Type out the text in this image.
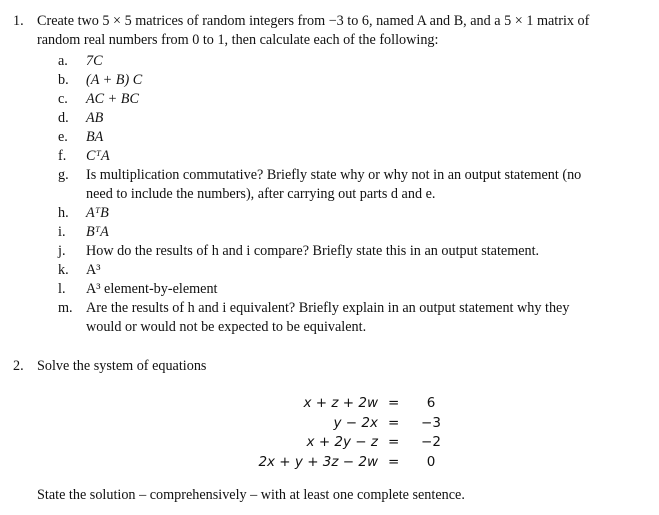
1. Create two 5 × 5 matrices of random integers from −3 to 6, named A and B, and a 5 × 1 matrix of
random real numbers from 0 to 1, then calculate each of the following:
a. 7C
b. (A + B) C
c. AC + BC
d. AB
e. BA
f. CᵀA
g. Is multiplication commutative? Briefly state why or why not in an output statement (no
need to include the numbers), after carrying out parts d and e.
h. AᵀB
i. BᵀA
j. How do the results of h and i compare? Briefly state this in an output statement.
k. A³
l. A³ element-by-element
m. Are the results of h and i equivalent? Briefly explain in an output statement why they
would or would not be expected to be equivalent.
2. Solve the system of equations
x + z + 2w =	6
y − 2x = −3
x + 2y − z = −2
2x + y + 3z − 2w =	0
State the solution – comprehensively – with at least one complete sentence.
